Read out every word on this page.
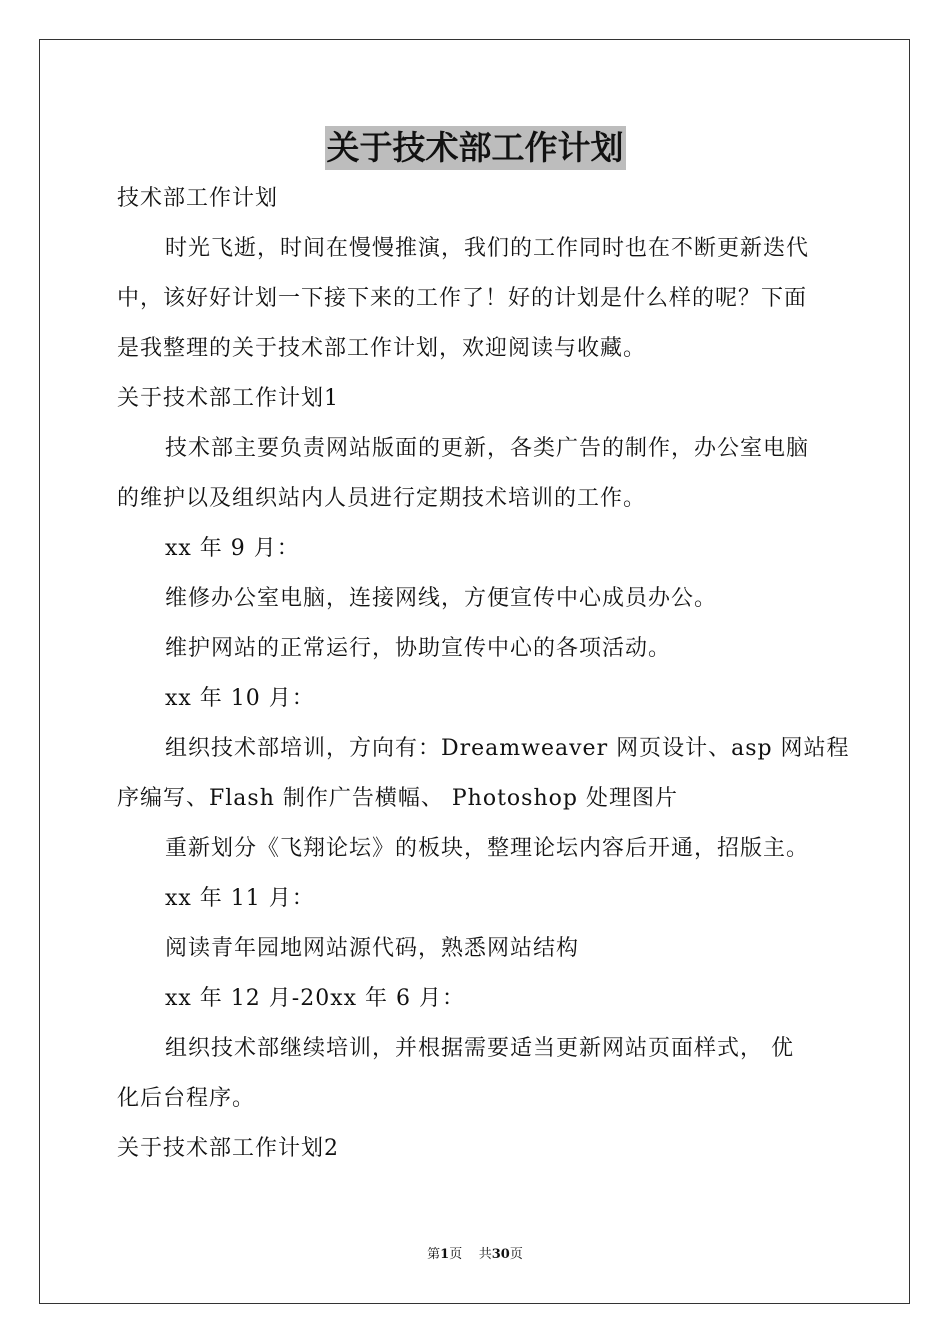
关于技术部工作计划
技术部工作计划
时光飞逝，时间在慢慢推演，我们的工作同时也在不断更新迭代
中，该好好计划一下接下来的工作了！好的计划是什么样的呢？下面
是我整理的关于技术部工作计划，欢迎阅读与收藏。
关于技术部工作计划1
技术部主要负责网站版面的更新，各类广告的制作，办公室电脑
的维护以及组织站内人员进行定期技术培训的工作。
xx 年 9 月：
维修办公室电脑，连接网线，方便宣传中心成员办公。
维护网站的正常运行，协助宣传中心的各项活动。
xx 年 10 月：
组织技术部培训，方向有：Dreamweaver 网页设计、asp 网站程
序编写、Flash 制作广告横幅、 Photoshop 处理图片
重新划分《飞翔论坛》的板块，整理论坛内容后开通，招版主。
xx 年 11 月：
阅读青年园地网站源代码，熟悉网站结构
xx 年 12 月-20xx 年 6 月：
组织技术部继续培训，并根据需要适当更新网站页面样式， 优
化后台程序。
关于技术部工作计划2
第1页 共30页
